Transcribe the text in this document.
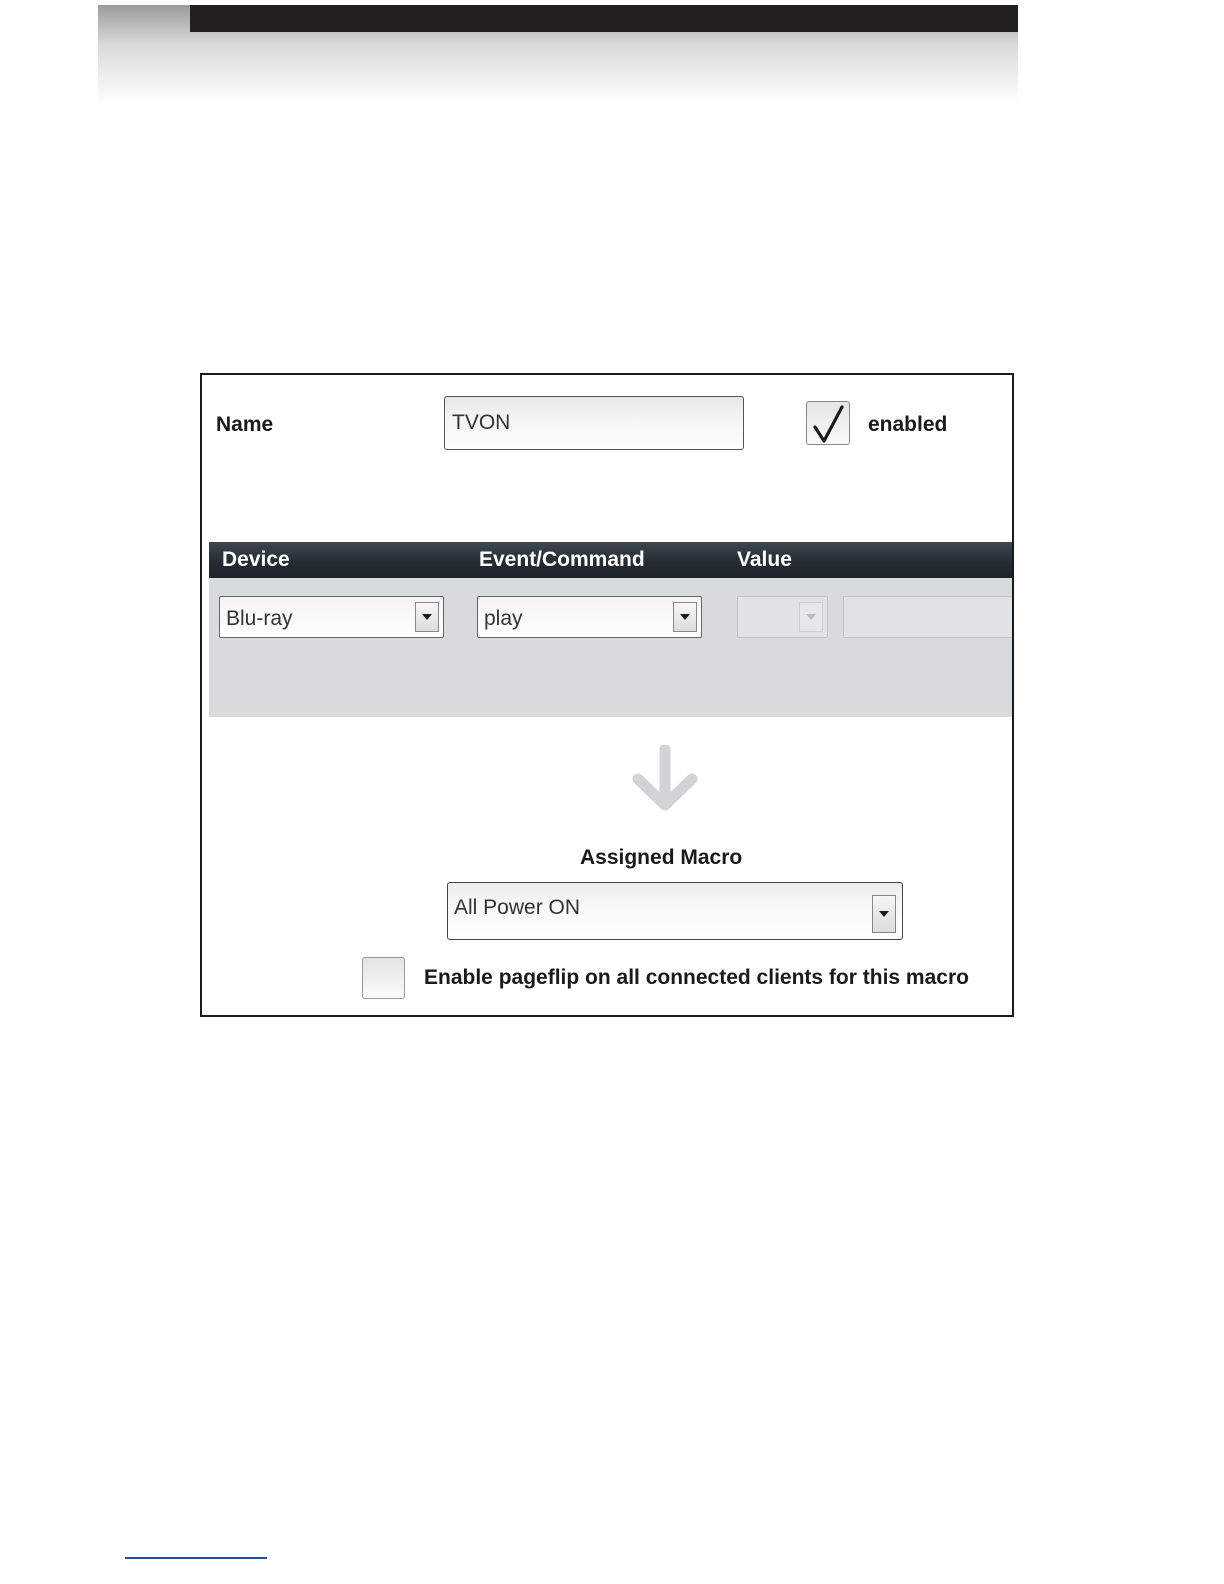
Name	TVON	enabled
Device	Event/Command	Value
Blu-ray	play
Assigned Macro
All Power ON
Enable pageflip on all connected clients for this macro
